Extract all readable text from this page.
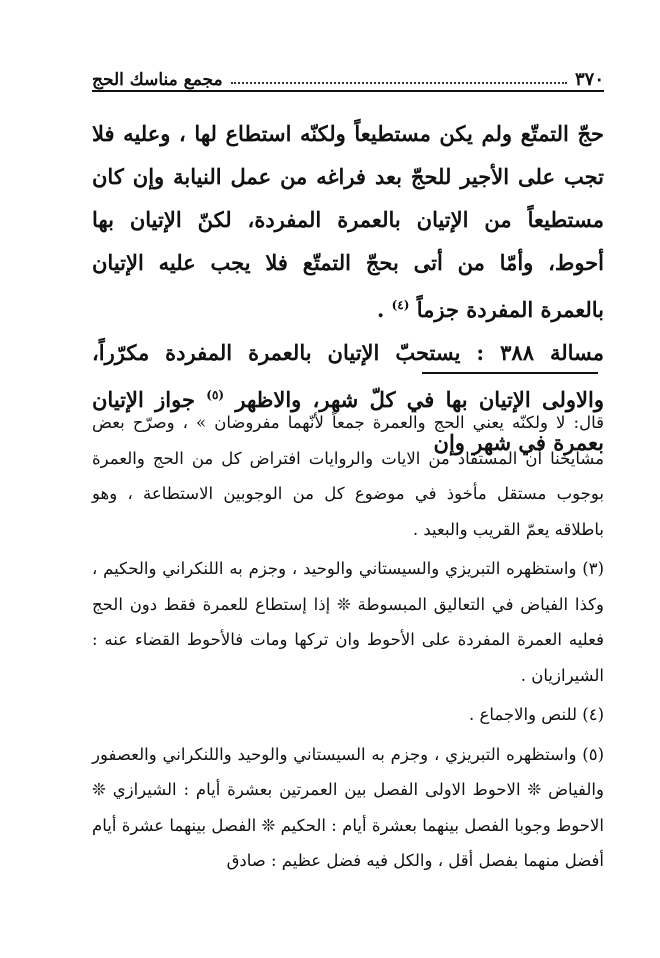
٣٧٠
مجمع مناسك الحج

حجّ التمتّع ولم يكن مستطيعاً ولكنّه استطاع لها ، وعليه فلا تجب على الأجير للحجّ بعد فراغه من عمل النيابة وإن كان مستطيعاً من الإتيان بالعمرة المفردة، لكنّ الإتيان بها أحوط، وأمّا من أتى بحجّ التمتّع فلا يجب عليه الإتيان بالعمرة المفردة جزماً $^{(٤)}$ .

مسالة ٣٨٨ : يستحبّ الإتيان بالعمرة المفردة مكرّراً، والاولى الإتيان بها في كلّ شهر، والاظهر $^{(٥)}$ جواز الإتيان بعمرة في شهر وإن

قال: لا ولكنّه يعني الحج والعمرة جمعاً لأنّهما مفروضان » ، وصرّح بعض مشايخنا أن المستفاد من الايات والروايات افتراض كل من الحج والعمرة بوجوب مستقل مأخوذ في موضوع كل من الوجوبين الاستطاعة ، وهو باطلاقه يعمّ القريب والبعيد .

(٣) واستظهره التبريزي والسيستاني والوحيد ، وجزم به اللنكراني والحكيم ، وكذا الفياض في التعاليق المبسوطة ❊ إذا إستطاع للعمرة فقط دون الحج فعليه العمرة المفردة على الأحوط وان تركها ومات فالأحوط القضاء عنه : الشيرازيان .

(٤) للنص والاجماع .

(٥) واستظهره التبريزي ، وجزم به السيستاني والوحيد واللنكراني والعصفور والفياض ❊ الاحوط الاولى الفصل بين العمرتين بعشرة أيام : الشيرازي ❊ الاحوط وجوبا الفصل بينهما بعشرة أيام : الحكيم ❊ الفصل بينهما عشرة أيام أفضل منهما بفصل أقل ، والكل فيه فضل عظيم : صادق
